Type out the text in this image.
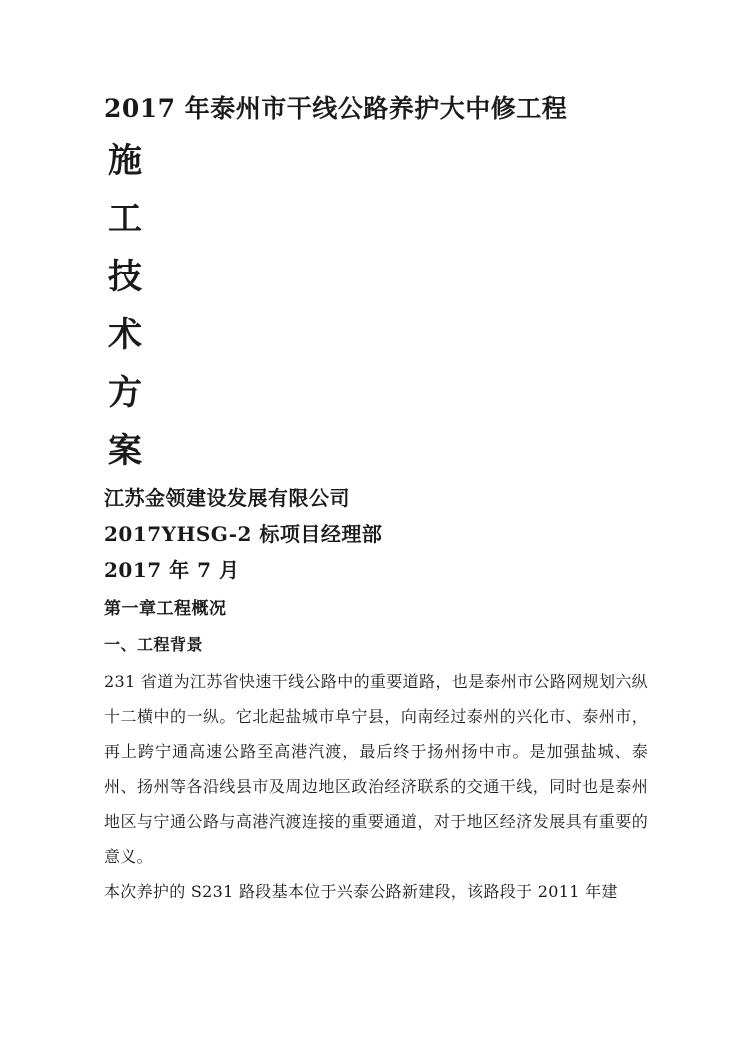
2017 年泰州市干线公路养护大中修工程
施
工
技
术
方
案
江苏金领建设发展有限公司
2017YHSG-2 标项目经理部
2017 年 7 月
第一章工程概况
一、工程背景

231 省道为江苏省快速干线公路中的重要道路，也是泰州市公路网规划六纵十二横中的一纵。它北起盐城市阜宁县，向南经过泰州的兴化市、泰州市，再上跨宁通高速公路至高港汽渡，最后终于扬州扬中市。是加强盐城、泰州、扬州等各沿线县市及周边地区政治经济联系的交通干线，同时也是泰州地区与宁通公路与高港汽渡连接的重要通道，对于地区经济发展具有重要的意义。

本次养护的 S231 路段基本位于兴泰公路新建段，该路段于 2011 年建
